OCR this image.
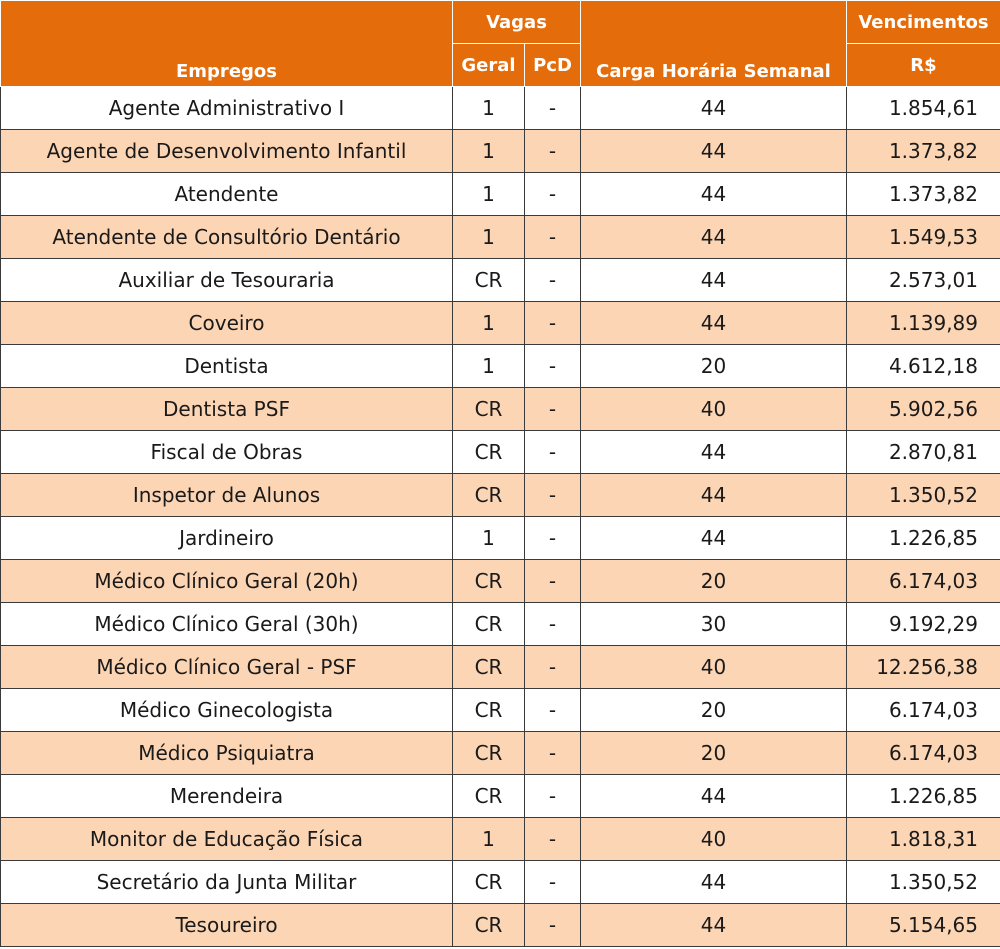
Empregos	Vagas		Carga Horária Semanal	Vencimentos
	Geral	PcD		R$
Agente Administrativo I	1	-	44	1.854,61
Agente de Desenvolvimento Infantil	1	-	44	1.373,82
Atendente	1	-	44	1.373,82
Atendente de Consultório Dentário	1	-	44	1.549,53
Auxiliar de Tesouraria	CR	-	44	2.573,01
Coveiro	1	-	44	1.139,89
Dentista	1	-	20	4.612,18
Dentista PSF	CR	-	40	5.902,56
Fiscal de Obras	CR	-	44	2.870,81
Inspetor de Alunos	CR	-	44	1.350,52
Jardineiro	1	-	44	1.226,85
Médico Clínico Geral (20h)	CR	-	20	6.174,03
Médico Clínico Geral (30h)	CR	-	30	9.192,29
Médico Clínico Geral - PSF	CR	-	40	12.256,38
Médico Ginecologista	CR	-	20	6.174,03
Médico Psiquiatra	CR	-	20	6.174,03
Merendeira	CR	-	44	1.226,85
Monitor de Educação Física	1	-	40	1.818,31
Secretário da Junta Militar	CR	-	44	1.350,52
Tesoureiro	CR	-	44	5.154,65
